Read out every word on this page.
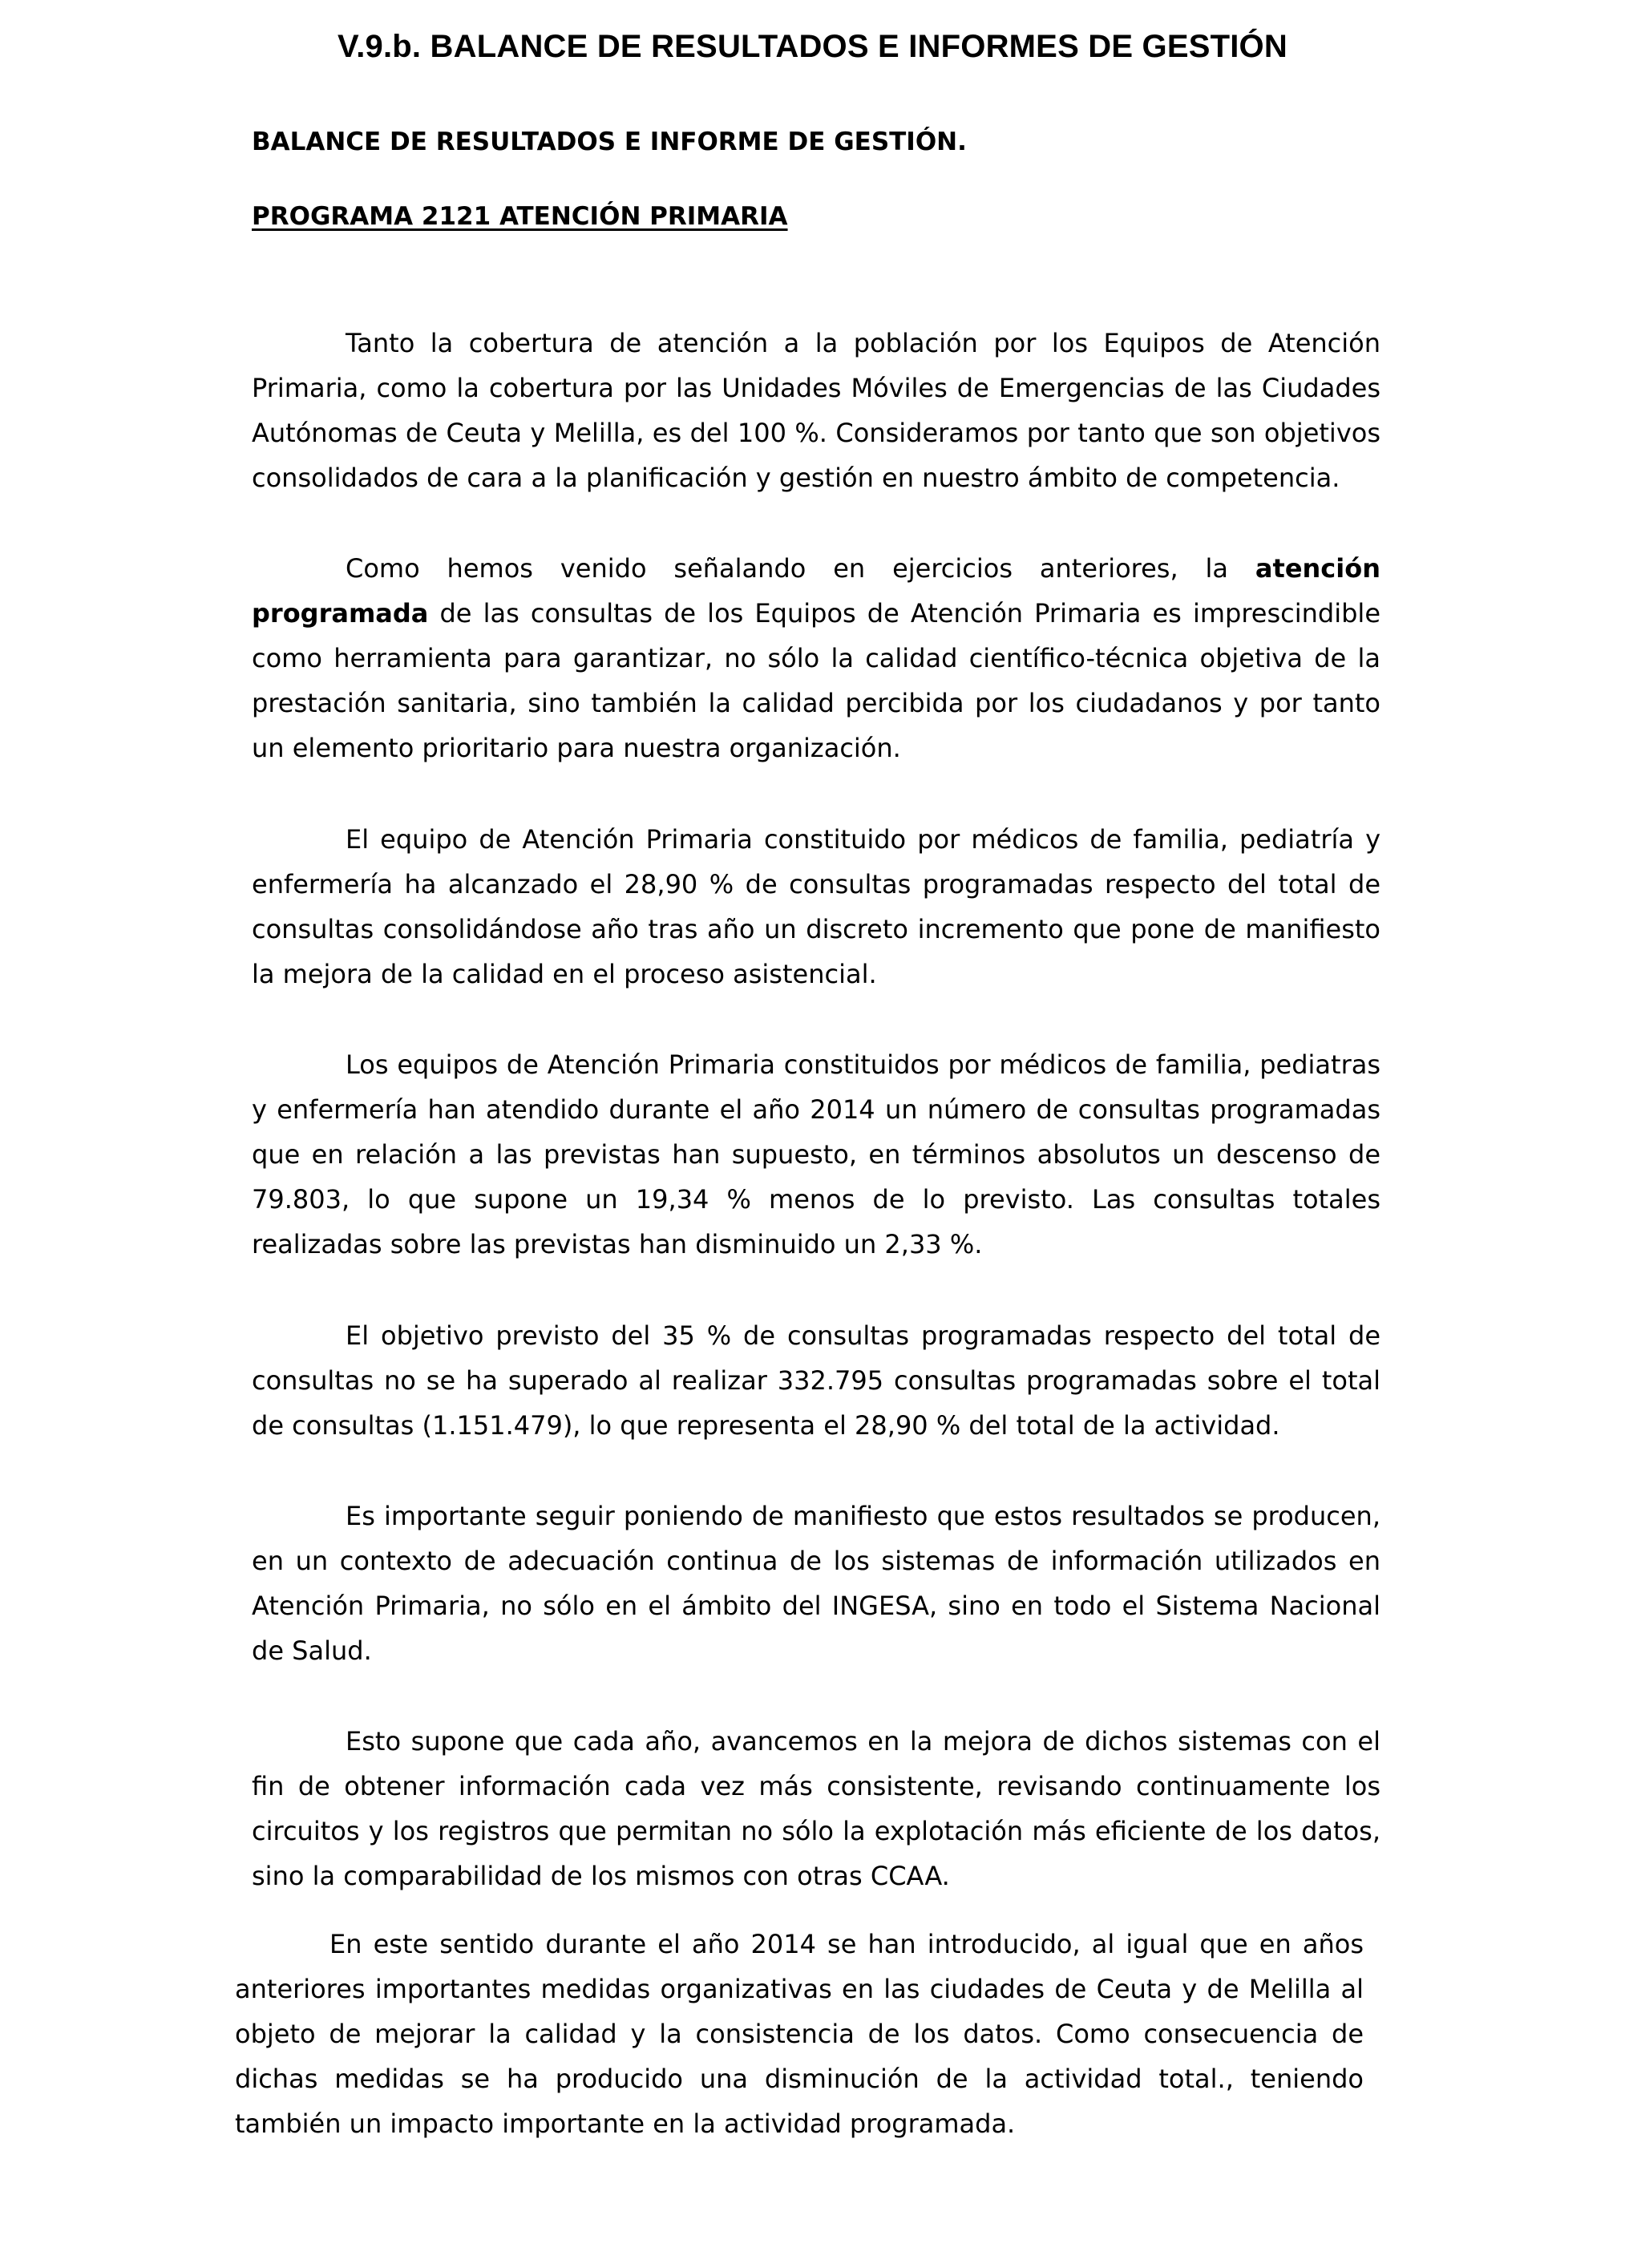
V.9.b. BALANCE DE RESULTADOS E INFORMES DE GESTIÓN
BALANCE DE RESULTADOS E INFORME DE GESTIÓN.
PROGRAMA 2121 ATENCIÓN PRIMARIA

Tanto la cobertura de atención a la población por los Equipos de Atención Primaria, como la cobertura por las Unidades Móviles de Emergencias de las Ciudades Autónomas de Ceuta y Melilla, es del 100 %. Consideramos por tanto que son objetivos consolidados de cara a la planificación y gestión en nuestro ámbito de competencia.

Como hemos venido señalando en ejercicios anteriores, la atención programada de las consultas de los Equipos de Atención Primaria es imprescindible como herramienta para garantizar, no sólo la calidad científico-técnica objetiva de la prestación sanitaria, sino también la calidad percibida por los ciudadanos y por tanto un elemento prioritario para nuestra organización.

El equipo de Atención Primaria constituido por médicos de familia, pediatría y enfermería ha alcanzado el 28,90 % de consultas programadas respecto del total de consultas consolidándose año tras año un discreto incremento que pone de manifiesto la mejora de la calidad en el proceso asistencial.

Los equipos de Atención Primaria constituidos por médicos de familia, pediatras y enfermería han atendido durante el año 2014 un número de consultas programadas que en relación a las previstas han supuesto, en términos absolutos un descenso de 79.803, lo que supone un 19,34 % menos de lo previsto. Las consultas totales realizadas sobre las previstas han disminuido un 2,33 %.

El objetivo previsto del 35 % de consultas programadas respecto del total de consultas no se ha superado al realizar 332.795 consultas programadas sobre el total de consultas (1.151.479), lo que representa el 28,90 % del total de la actividad.

Es importante seguir poniendo de manifiesto que estos resultados se producen, en un contexto de adecuación continua de los sistemas de información utilizados en Atención Primaria, no sólo en el ámbito del INGESA, sino en todo el Sistema Nacional de Salud.

Esto supone que cada año, avancemos en la mejora de dichos sistemas con el fin de obtener información cada vez más consistente, revisando continuamente los circuitos y los registros que permitan no sólo la explotación más eficiente de los datos, sino la comparabilidad de los mismos con otras CCAA.

En este sentido durante el año 2014 se han introducido, al igual que en años anteriores importantes medidas organizativas en las ciudades de Ceuta y de Melilla al objeto de mejorar la calidad y la consistencia de los datos. Como consecuencia de dichas medidas se ha producido una disminución de la actividad total., teniendo también un impacto importante en la actividad programada.
